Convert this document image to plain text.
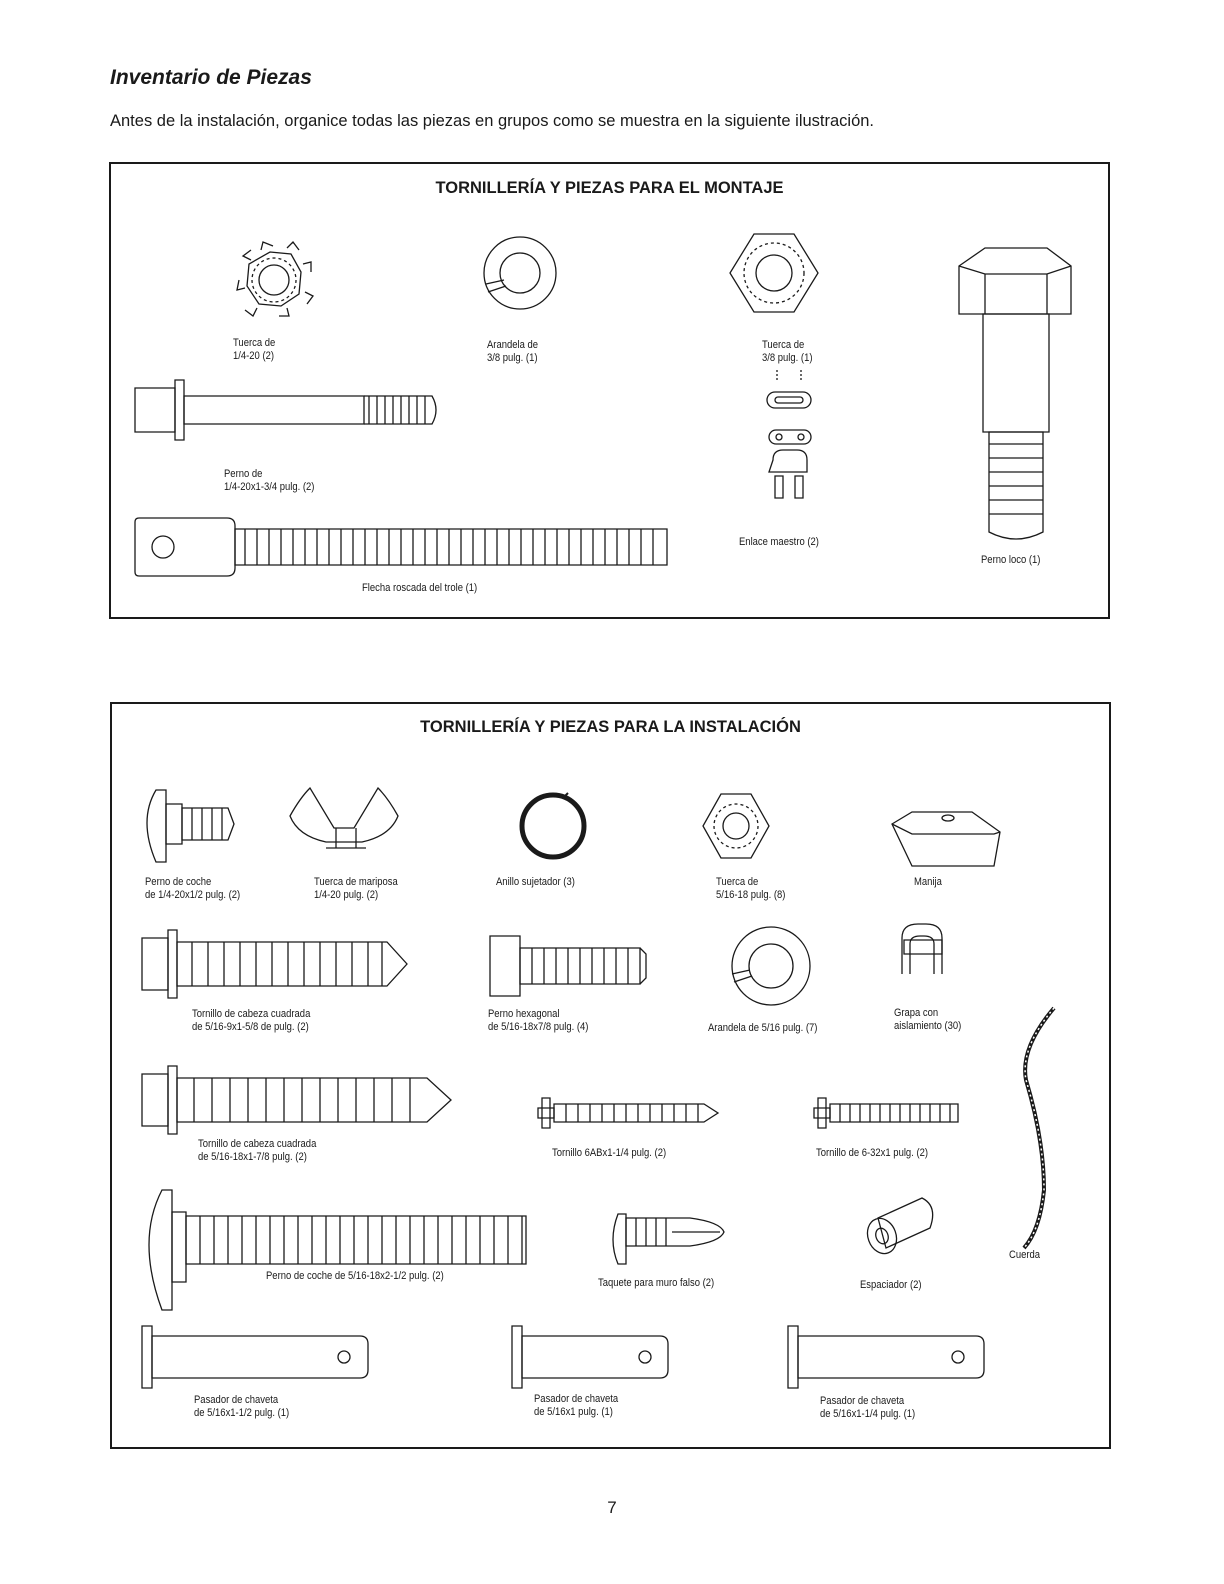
Inventario de Piezas

Antes de la instalación, organice todas las piezas en grupos como se muestra en la siguiente ilustración.

TORNILLERÍA Y PIEZAS PARA EL MONTAJE
Tuerca de
1/4-20 (2)
Arandela de
3/8 pulg. (1)
Tuerca de
3/8 pulg. (1)
Perno de
1/4-20x1-3/4 pulg. (2)
Enlace maestro (2)
Perno loco (1)
Flecha roscada del trole (1)
TORNILLERÍA Y PIEZAS PARA LA INSTALACIÓN
Perno de coche
de 1/4-20x1/2 pulg. (2)
Tuerca de mariposa
1/4-20 pulg. (2)
Anillo sujetador (3)	Tuerca de
5/16-18 pulg. (8)
Manija
Tornillo de cabeza cuadrada
de 5/16-9x1-5/8 de pulg. (2)
Perno hexagonal
de 5/16-18x7/8 pulg. (4)	Arandela de 5/16 pulg. (7)
Grapa con
aislamiento (30)
Tornillo de cabeza cuadrada
de 5/16-18x1-7/8 pulg. (2)	Tornillo 6ABx1-1/4 pulg. (2)	Tornillo de 6-32x1 pulg. (2)
Perno de coche de 5/16-18x2-1/2 pulg. (2)
Taquete para muro falso (2)	Espaciador (2)
Cuerda
Pasador de chaveta
de 5/16x1-1/2 pulg. (1)
Pasador de chaveta
de 5/16x1 pulg. (1)
Pasador de chaveta
de 5/16x1-1/4 pulg. (1)

7
